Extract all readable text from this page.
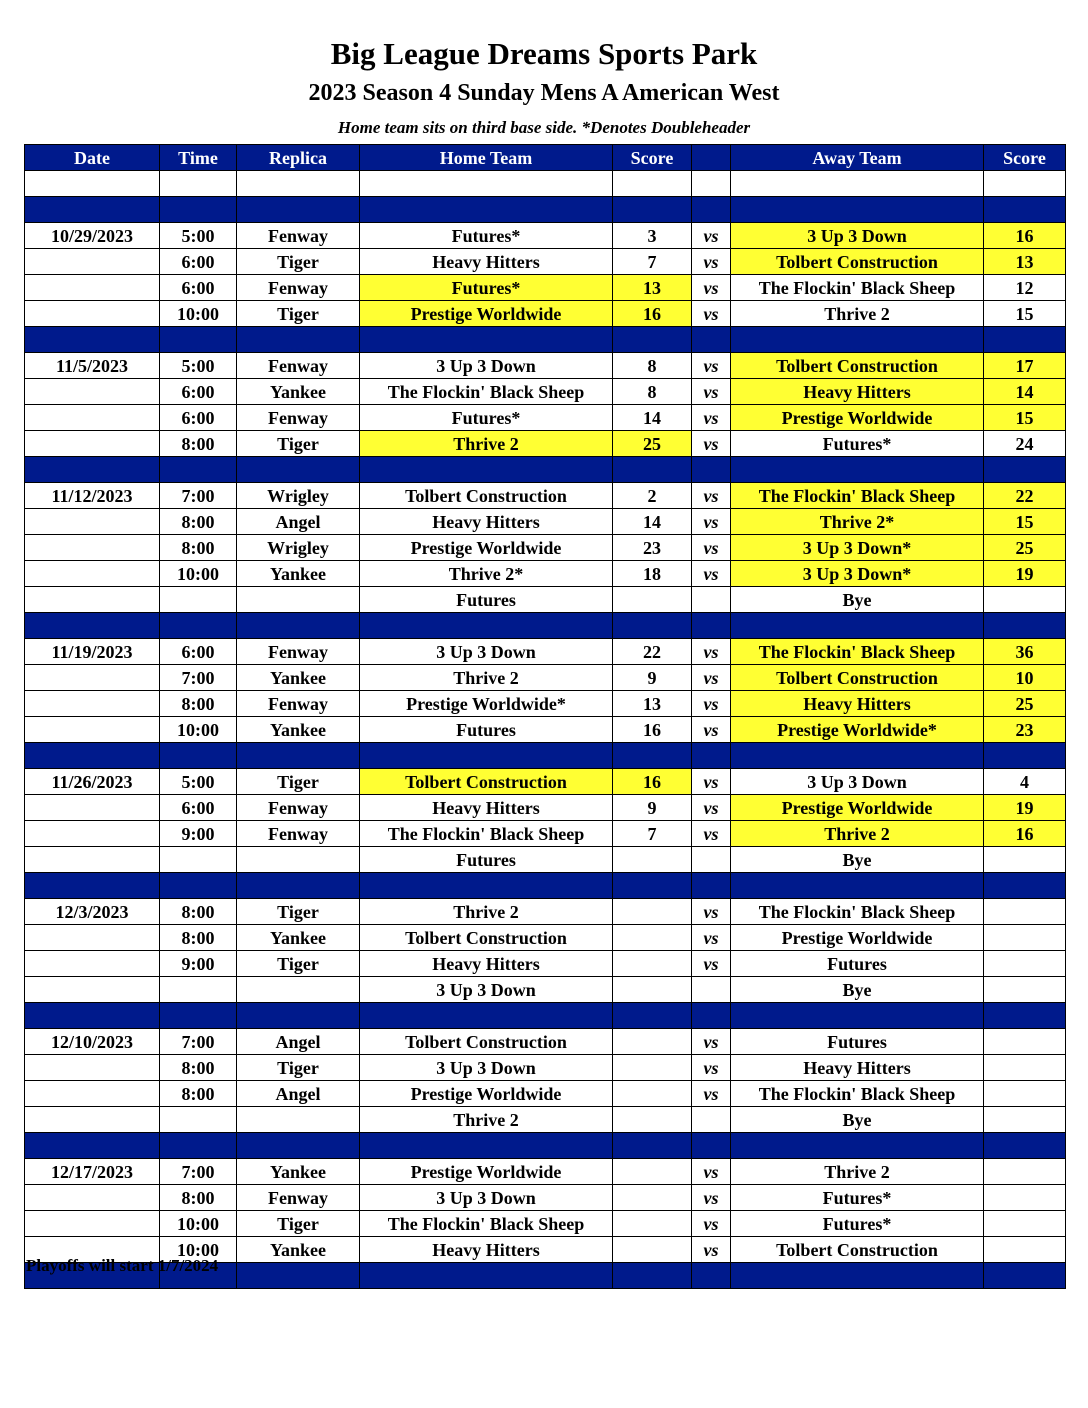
Big League Dreams Sports Park
2023 Season 4 Sunday Mens A American West
Home team sits on third base side. *Denotes Doubleheader
Date	Time	Replica	Home Team	Score		Away Team	Score

10/29/2023	5:00	Fenway	Futures*	3	vs	3 Up 3 Down	16
	6:00	Tiger	Heavy Hitters	7	vs	Tolbert Construction	13
	6:00	Fenway	Futures*	13	vs	The Flockin' Black Sheep	12
	10:00	Tiger	Prestige Worldwide	16	vs	Thrive 2	15

11/5/2023	5:00	Fenway	3 Up 3 Down	8	vs	Tolbert Construction	17
	6:00	Yankee	The Flockin' Black Sheep	8	vs	Heavy Hitters	14
	6:00	Fenway	Futures*	14	vs	Prestige Worldwide	15
	8:00	Tiger	Thrive 2	25	vs	Futures*	24

11/12/2023	7:00	Wrigley	Tolbert Construction	2	vs	The Flockin' Black Sheep	22
	8:00	Angel	Heavy Hitters	14	vs	Thrive 2*	15
	8:00	Wrigley	Prestige Worldwide	23	vs	3 Up 3 Down*	25
	10:00	Yankee	Thrive 2*	18	vs	3 Up 3 Down*	19
			Futures			Bye	

11/19/2023	6:00	Fenway	3 Up 3 Down	22	vs	The Flockin' Black Sheep	36
	7:00	Yankee	Thrive 2	9	vs	Tolbert Construction	10
	8:00	Fenway	Prestige Worldwide*	13	vs	Heavy Hitters	25
	10:00	Yankee	Futures	16	vs	Prestige Worldwide*	23

11/26/2023	5:00	Tiger	Tolbert Construction	16	vs	3 Up 3 Down	4
	6:00	Fenway	Heavy Hitters	9	vs	Prestige Worldwide	19
	9:00	Fenway	The Flockin' Black Sheep	7	vs	Thrive 2	16
			Futures			Bye	

12/3/2023	8:00	Tiger	Thrive 2		vs	The Flockin' Black Sheep	
	8:00	Yankee	Tolbert Construction		vs	Prestige Worldwide	
	9:00	Tiger	Heavy Hitters		vs	Futures	
			3 Up 3 Down			Bye	

12/10/2023	7:00	Angel	Tolbert Construction		vs	Futures	
	8:00	Tiger	3 Up 3 Down		vs	Heavy Hitters	
	8:00	Angel	Prestige Worldwide		vs	The Flockin' Black Sheep	
			Thrive 2			Bye	

12/17/2023	7:00	Yankee	Prestige Worldwide		vs	Thrive 2	
	8:00	Fenway	3 Up 3 Down		vs	Futures*	
	10:00	Tiger	The Flockin' Black Sheep		vs	Futures*	
	10:00	Yankee	Heavy Hitters		vs	Tolbert Construction	

Playoffs will start 1/7/2024
